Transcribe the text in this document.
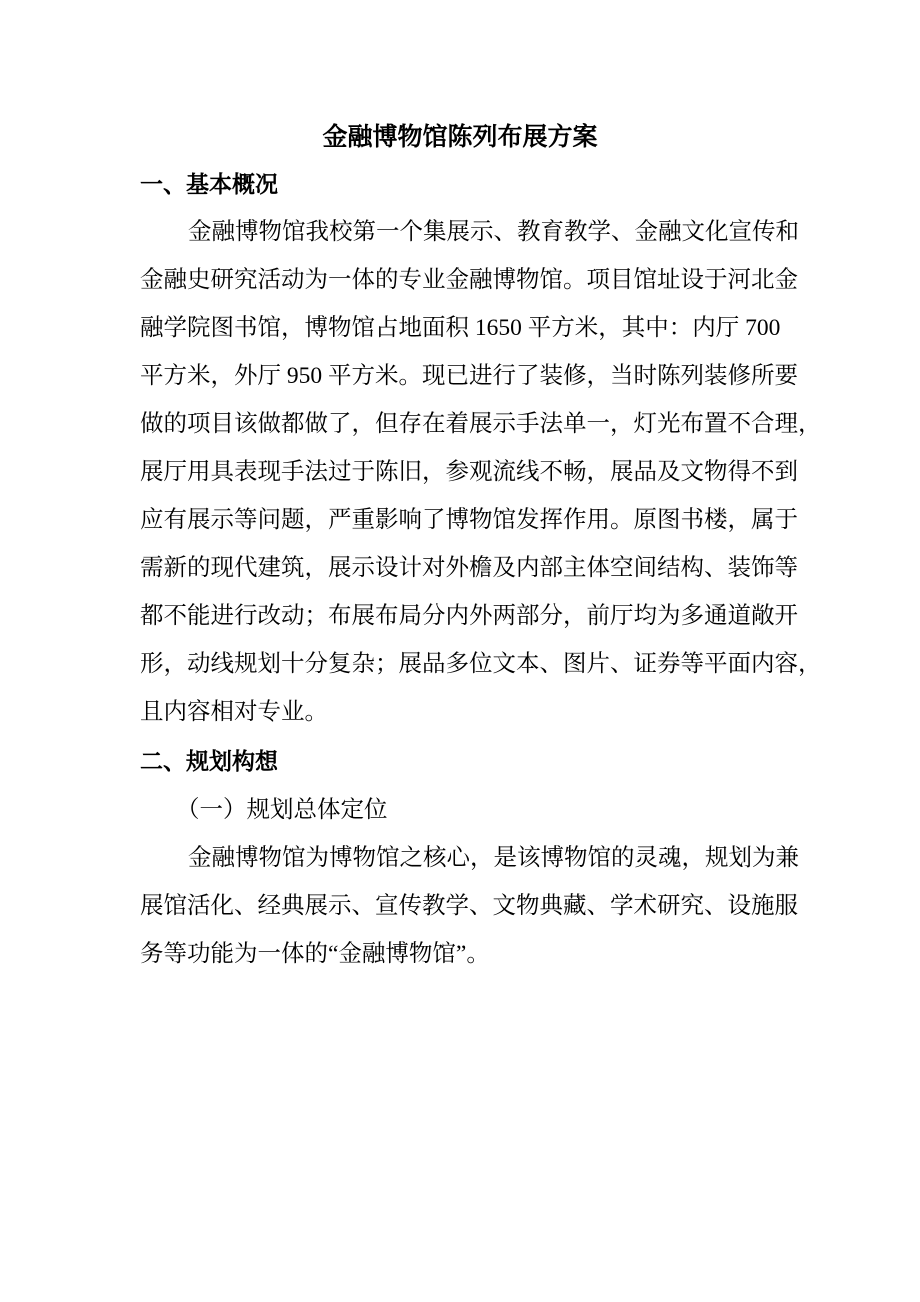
金融博物馆陈列布展方案
一、基本概况
金融博物馆我校第一个集展示、教育教学、金融文化宣传和
金融史研究活动为一体的专业金融博物馆。项目馆址设于河北金
融学院图书馆，博物馆占地面积 1650 平方米，其中：内厅 700
平方米，外厅 950 平方米。现已进行了装修，当时陈列装修所要
做的项目该做都做了，但存在着展示手法单一，灯光布置不合理，
展厅用具表现手法过于陈旧，参观流线不畅，展品及文物得不到
应有展示等问题，严重影响了博物馆发挥作用。原图书楼，属于
需新的现代建筑，展示设计对外檐及内部主体空间结构、装饰等
都不能进行改动；布展布局分内外两部分，前厅均为多通道敞开
形，动线规划十分复杂；展品多位文本、图片、证券等平面内容，
且内容相对专业。
二、规划构想
（一）规划总体定位
金融博物馆为博物馆之核心，是该博物馆的灵魂，规划为兼
展馆活化、经典展示、宣传教学、文物典藏、学术研究、设施服
务等功能为一体的“金融博物馆”。
